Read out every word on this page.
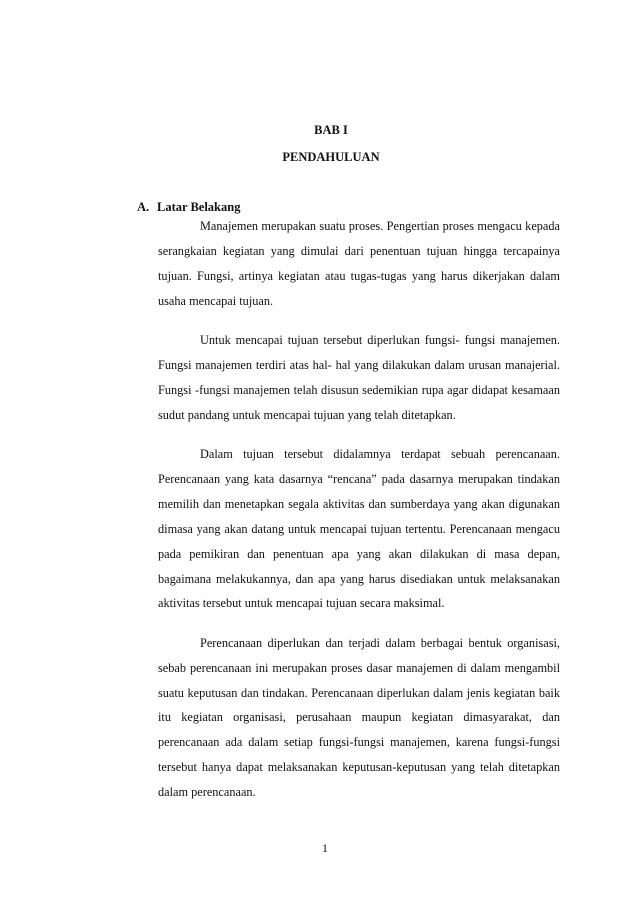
BAB I
PENDAHULUAN
A. Latar Belakang

Manajemen merupakan suatu proses. Pengertian proses mengacu kepada serangkaian kegiatan yang dimulai dari penentuan tujuan hingga tercapainya tujuan. Fungsi, artinya kegiatan atau tugas-tugas yang harus dikerjakan dalam usaha mencapai tujuan.

Untuk mencapai tujuan tersebut diperlukan fungsi- fungsi manajemen. Fungsi manajemen terdiri atas hal- hal yang dilakukan dalam urusan manajerial. Fungsi -fungsi manajemen telah disusun sedemikian rupa agar didapat kesamaan sudut pandang untuk mencapai tujuan yang telah ditetapkan.

Dalam tujuan tersebut didalamnya terdapat sebuah perencanaan. Perencanaan yang kata dasarnya “rencana” pada dasarnya merupakan tindakan memilih dan menetapkan segala aktivitas dan sumberdaya yang akan digunakan dimasa yang akan datang untuk mencapai tujuan tertentu. Perencanaan mengacu pada pemikiran dan penentuan apa yang akan dilakukan di masa depan, bagaimana melakukannya, dan apa yang harus disediakan untuk melaksanakan aktivitas tersebut untuk mencapai tujuan secara maksimal.

Perencanaan diperlukan dan terjadi dalam berbagai bentuk organisasi, sebab perencanaan ini merupakan proses dasar manajemen di dalam mengambil suatu keputusan dan tindakan. Perencanaan diperlukan dalam jenis kegiatan baik itu kegiatan organisasi, perusahaan maupun kegiatan dimasyarakat, dan perencanaan ada dalam setiap fungsi-fungsi manajemen, karena fungsi-fungsi tersebut hanya dapat melaksanakan keputusan-keputusan yang telah ditetapkan dalam perencanaan.

1
